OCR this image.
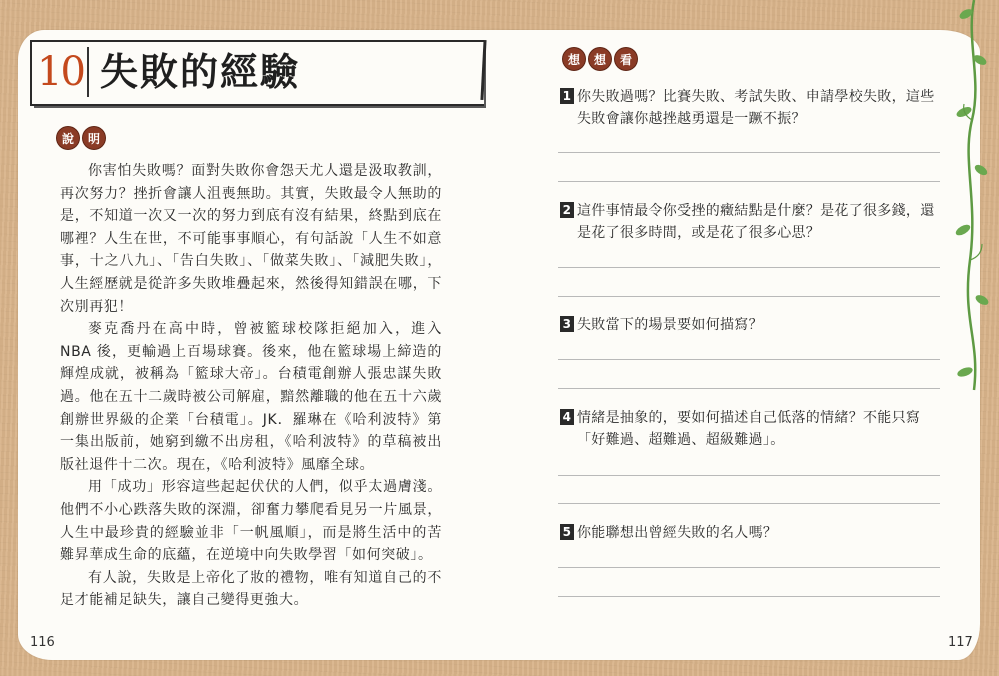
10 失敗的經驗
說	明

你害怕失敗嗎？面對失敗你會怨天尤人還是汲取教訓，再次努力？挫折會讓人沮喪無助。其實，失敗最令人無助的是，不知道一次又一次的努力到底有沒有結果，終點到底在哪裡？人生在世，不可能事事順心，有句話說「人生不如意事，十之八九」、「告白失敗」、「做菜失敗」、「減肥失敗」，人生經歷就是從許多失敗堆疊起來，然後得知錯誤在哪，下次別再犯！

麥克喬丹在高中時，曾被籃球校隊拒絕加入，進入 NBA 後，更輸過上百場球賽。後來，他在籃球場上締造的輝煌成就，被稱為「籃球大帝」。台積電創辦人張忠謀失敗過。他在五十二歲時被公司解雇，黯然離職的他在五十六歲創辦世界級的企業「台積電」。JK．羅琳在《哈利波特》第一集出版前，她窮到繳不出房租，《哈利波特》的草稿被出版社退件十二次。現在，《哈利波特》風靡全球。

用「成功」形容這些起起伏伏的人們，似乎太過膚淺。他們不小心跌落失敗的深淵，卻奮力攀爬看見另一片風景，人生中最珍貴的經驗並非「一帆風順」，而是將生活中的苦難昇華成生命的底蘊，在逆境中向失敗學習「如何突破」。

有人說，失敗是上帝化了妝的禮物，唯有知道自己的不足才能補足缺失，讓自己變得更強大。

116
想	想	看
1 你失敗過嗎？比賽失敗、考試失敗、申請學校失敗，這些
失敗會讓你越挫越勇還是一蹶不振？
2 這件事情最令你受挫的癥結點是什麼？是花了很多錢，還
是花了很多時間，或是花了很多心思？
3 失敗當下的場景要如何描寫？
4 情緒是抽象的，要如何描述自己低落的情緒？不能只寫
「好難過、超難過、超級難過」。
5 你能聯想出曾經失敗的名人嗎？
117
